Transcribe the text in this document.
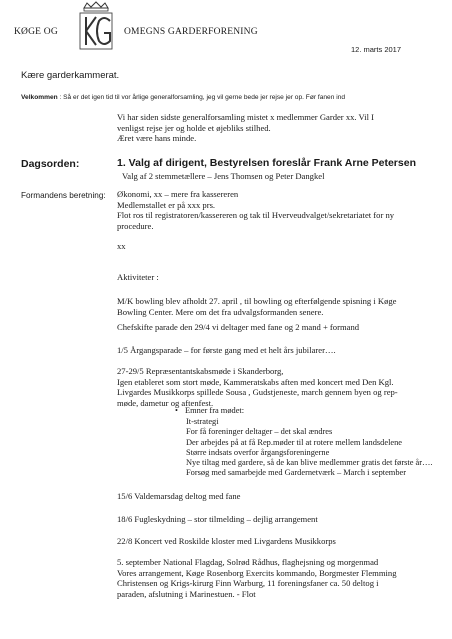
KØGE OG	OMEGNS GARDERFORENING
12. marts 2017
Kære garderkammerat.
Velkommen : Så er det igen tid til vor årlige generalforsamling, jeg vil gerne bede jer rejse jer op. Før fanen ind
Vi har siden sidste generalforsamling mistet x medlemmer Garder xx. Vil I
venligst rejse jer og holde et øjebliks stilhed.
Æret være hans minde.
Dagsorden:	1. Valg af dirigent, Bestyrelsen foreslår Frank Arne Petersen
Valg af 2 stemmetællere – Jens Thomsen og Peter Dangkel
Formandens beretning: Økonomi, xx – mere fra kassereren
Medlemstallet er på xxx prs.
Flot ros til registratoren/kassereren og tak til Hverveudvalget/sekretariatet for ny
procedure.
xx
Aktiviteter :
M/K bowling blev afholdt 27. april , til bowling og efterfølgende spisning i Køge
Bowling Center. Mere om det fra udvalgsformanden senere.
Chefskifte parade den 29/4 vi deltager med fane og 2 mand + formand
1/5 Årgangsparade – for første gang med et helt års jubilarer….
27-29/5 Repræsentantskabsmøde i Skanderborg,
Igen etableret som stort møde, Kammeratskabs aften med koncert med Den Kgl.
Livgardes Musikkorps spillede Sousa , Gudstjeneste, march gennem byen og rep-
møde, dametur og aftenfest.
• Emner fra mødet:
It-strategi
For få foreninger deltager – det skal ændres
Der arbejdes på at få Rep.møder til at rotere mellem landsdelene
Større indsats overfor årgangsforeningerne
Nye tiltag med gardere, så de kan blive medlemmer gratis det første år….
Forsøg med samarbejde med Gardernetværk – March i september
15/6 Valdemarsdag deltog med fane
18/6 Fugleskydning – stor tilmelding – dejlig arrangement
22/8 Koncert ved Roskilde kloster med Livgardens Musikkorps
5. september National Flagdag, Solrød Rådhus, flaghejsning og morgenmad
Vores arrangement, Køge Rosenborg Exercits kommando, Borgmester Flemming
Christensen og Krigs-kirurg Finn Warburg, 11 foreningsfaner ca. 50 deltog i
paraden, afslutning i Marinestuen. - Flot
